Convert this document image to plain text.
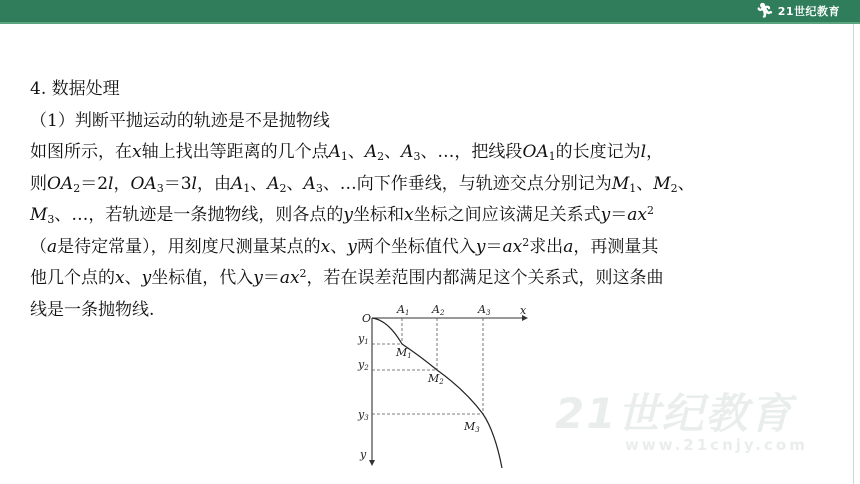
🏃︎ 21世纪教育
21世纪教育
www.21cnjy.com
4. 数据处理
（1）判断平抛运动的轨迹是不是抛物线
如图所示，在x轴上找出等距离的几个点$A_1$、$A_2$、$A_3$、…，把线段$OA_1$的长度记为l，
则$OA_2=2l$，$OA_3=3l$，由$A_1$、$A_2$、$A_3$、…向下作垂线，与轨迹交点分别记为$M_1$、$M_2$、
$M_3$、…，若轨迹是一条抛物线，则各点的y坐标和x坐标之间应该满足关系式$y=ax^2$
（a是待定常量），用刻度尺测量某点的x、y两个坐标值代入$y=ax^2$求出a，再测量其
他几个点的x、y坐标值，代入$y=ax^2$，若在误差范围内都满足这个关系式，则这条曲
线是一条抛物线.	O
x
y
A1 A2	A3
y1
y2
y3
M1
M2
M3
